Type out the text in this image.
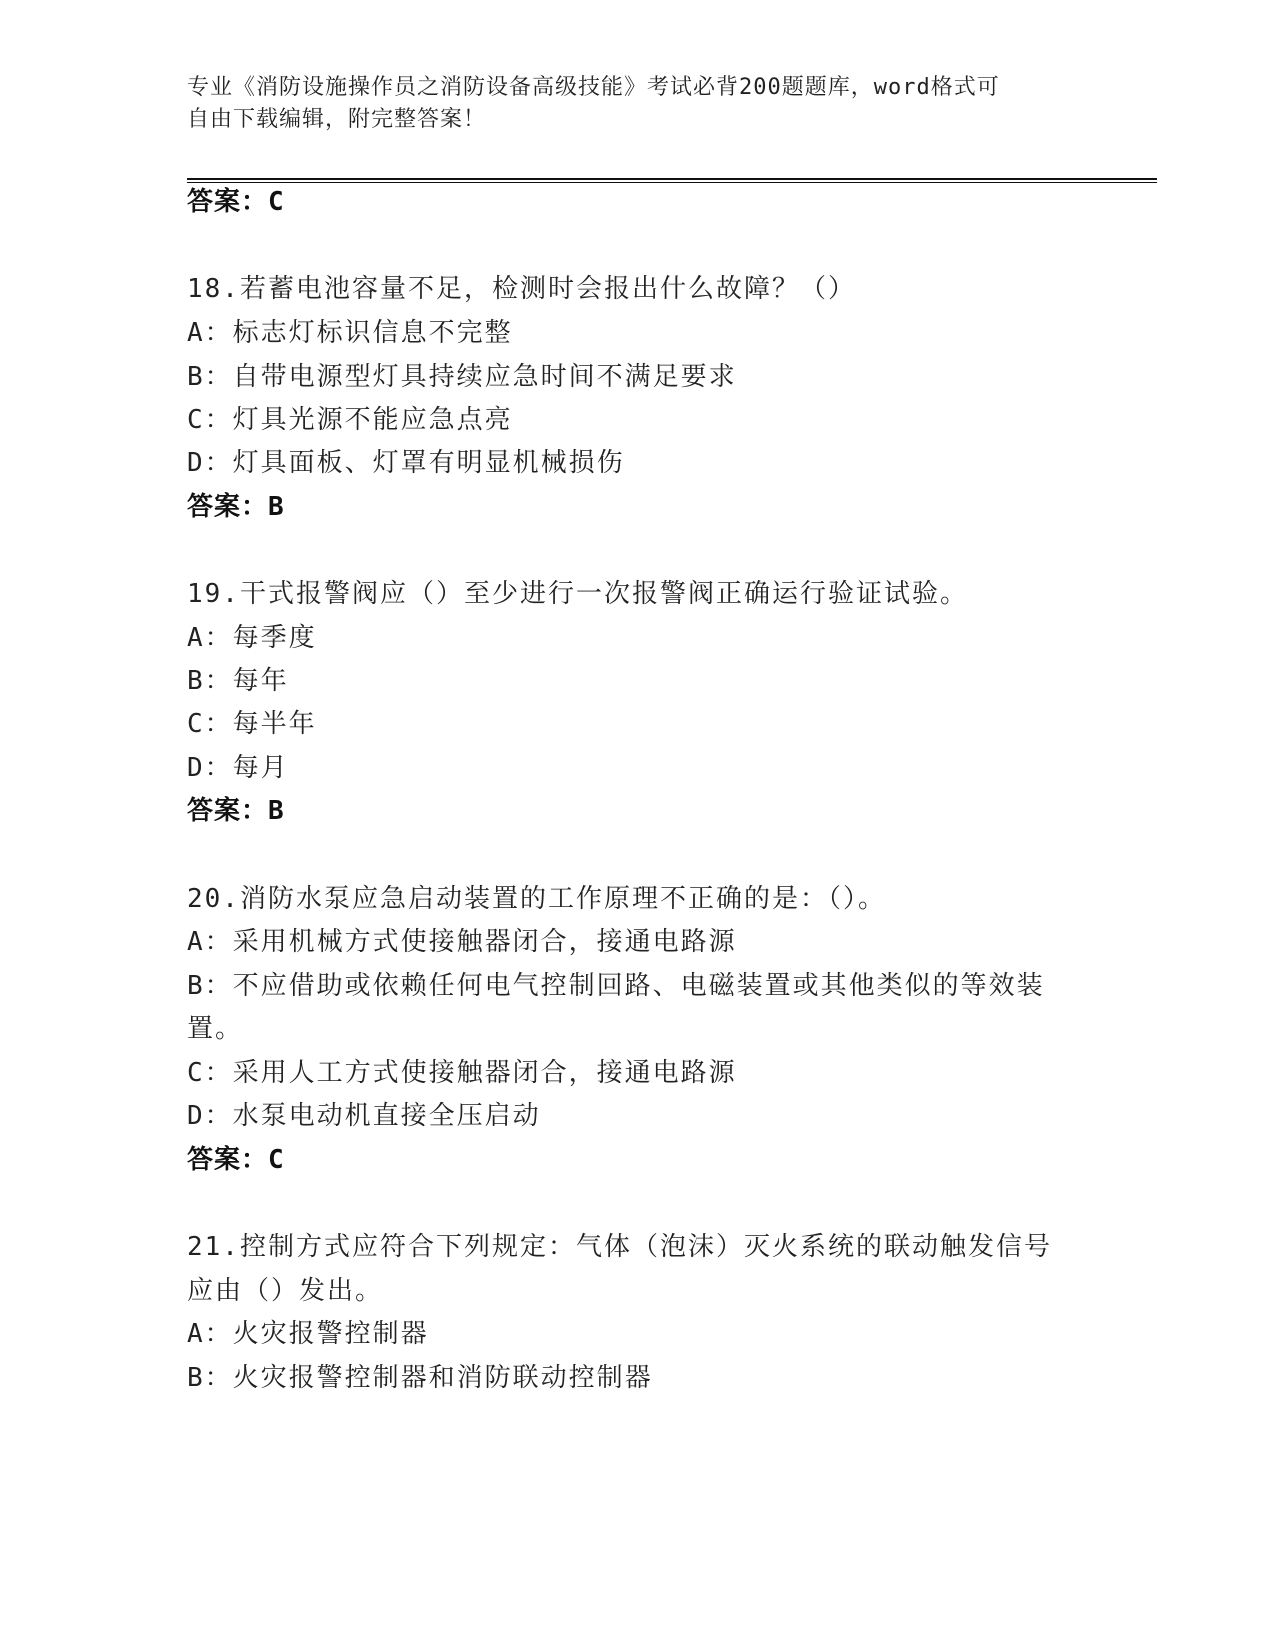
专业《消防设施操作员之消防设备高级技能》考试必背200题题库，word格式可
自由下载编辑，附完整答案！
答案：C
18.若蓄电池容量不足，检测时会报出什么故障？（）
A：标志灯标识信息不完整
B：自带电源型灯具持续应急时间不满足要求
C：灯具光源不能应急点亮
D：灯具面板、灯罩有明显机械损伤
答案：B
19.干式报警阀应（）至少进行一次报警阀正确运行验证试验。
A：每季度
B：每年
C：每半年
D：每月
答案：B
20.消防水泵应急启动装置的工作原理不正确的是：（）。
A：采用机械方式使接触器闭合，接通电路源
B：不应借助或依赖任何电气控制回路、电磁装置或其他类似的等效装
置。
C：采用人工方式使接触器闭合，接通电路源
D：水泵电动机直接全压启动
答案：C
21.控制方式应符合下列规定：气体（泡沫）灭火系统的联动触发信号
应由（）发出。
A：火灾报警控制器
B：火灾报警控制器和消防联动控制器
